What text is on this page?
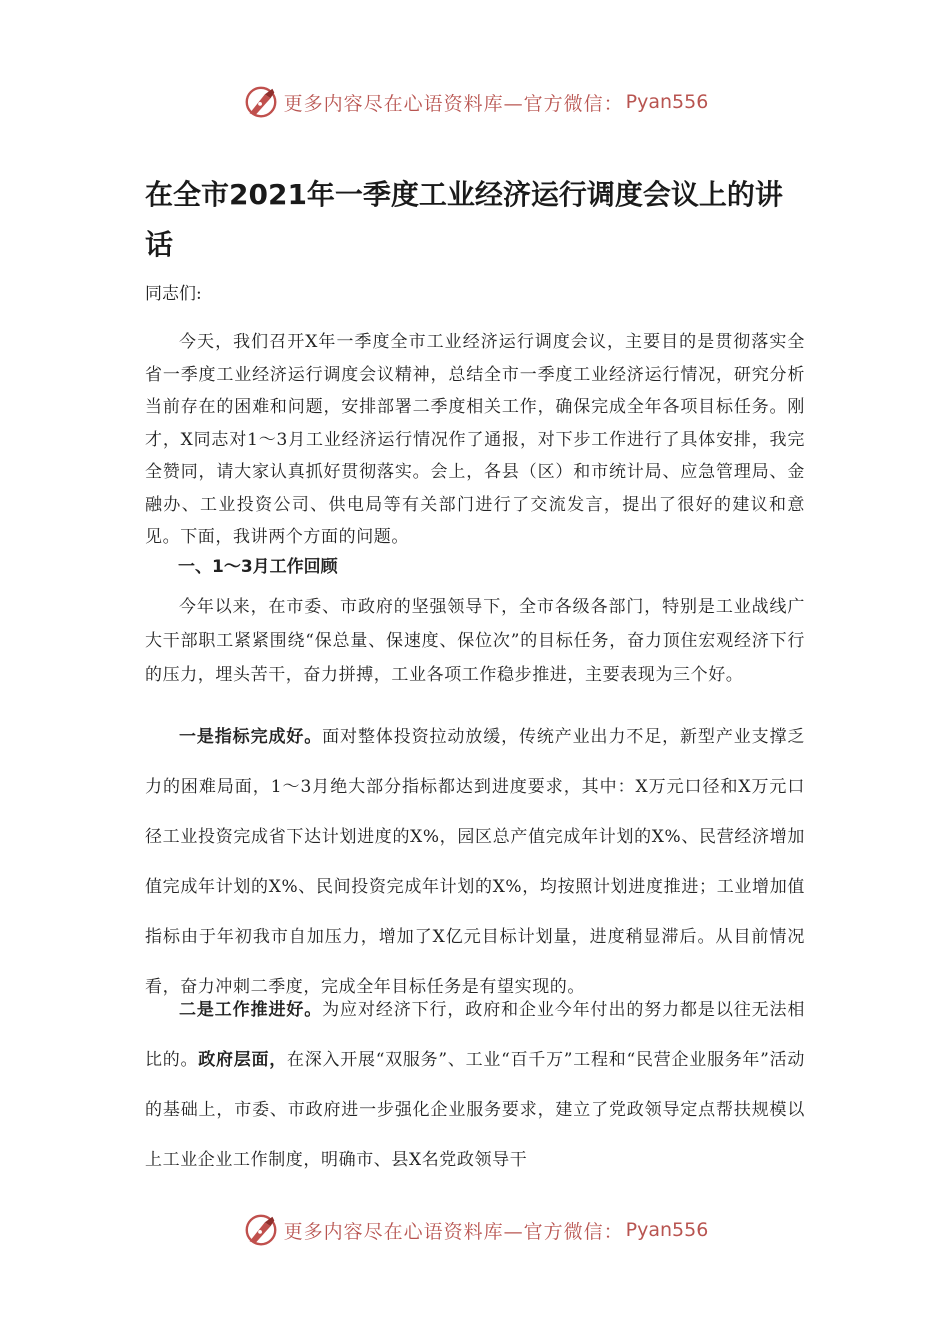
更多内容尽在心语资料库—官方微信： Pyan556
在全市2021年一季度工业经济运行调度会议上的讲话

同志们:

今天，我们召开X年一季度全市工业经济运行调度会议，主要目的是贯彻落实全省一季度工业经济运行调度会议精神，总结全市一季度工业经济运行情况，研究分析当前存在的困难和问题，安排部署二季度相关工作，确保完成全年各项目标任务。刚才，X同志对1～3月工业经济运行情况作了通报，对下步工作进行了具体安排，我完全赞同，请大家认真抓好贯彻落实。会上，各县（区）和市统计局、应急管理局、金融办、工业投资公司、供电局等有关部门进行了交流发言，提出了很好的建议和意见。下面，我讲两个方面的问题。

一、1～3月工作回顾

今年以来，在市委、市政府的坚强领导下，全市各级各部门，特别是工业战线广大干部职工紧紧围绕“保总量、保速度、保位次”的目标任务，奋力顶住宏观经济下行的压力，埋头苦干，奋力拼搏，工业各项工作稳步推进，主要表现为三个好。

一是指标完成好。面对整体投资拉动放缓，传统产业出力不足，新型产业支撑乏力的困难局面，1～3月绝大部分指标都达到进度要求，其中：X万元口径和X万元口径工业投资完成省下达计划进度的X%，园区总产值完成年计划的X%、民营经济增加值完成年计划的X%、民间投资完成年计划的X%，均按照计划进度推进；工业增加值指标由于年初我市自加压力，增加了X亿元目标计划量，进度稍显滞后。从目前情况看，奋力冲刺二季度，完成全年目标任务是有望实现的。

二是工作推进好。为应对经济下行，政府和企业今年付出的努力都是以往无法相比的。政府层面，在深入开展“双服务”、工业“百千万”工程和“民营企业服务年”活动的基础上，市委、市政府进一步强化企业服务要求，建立了党政领导定点帮扶规模以上工业企业工作制度，明确市、县X名党政领导干

更多内容尽在心语资料库—官方微信： Pyan556
